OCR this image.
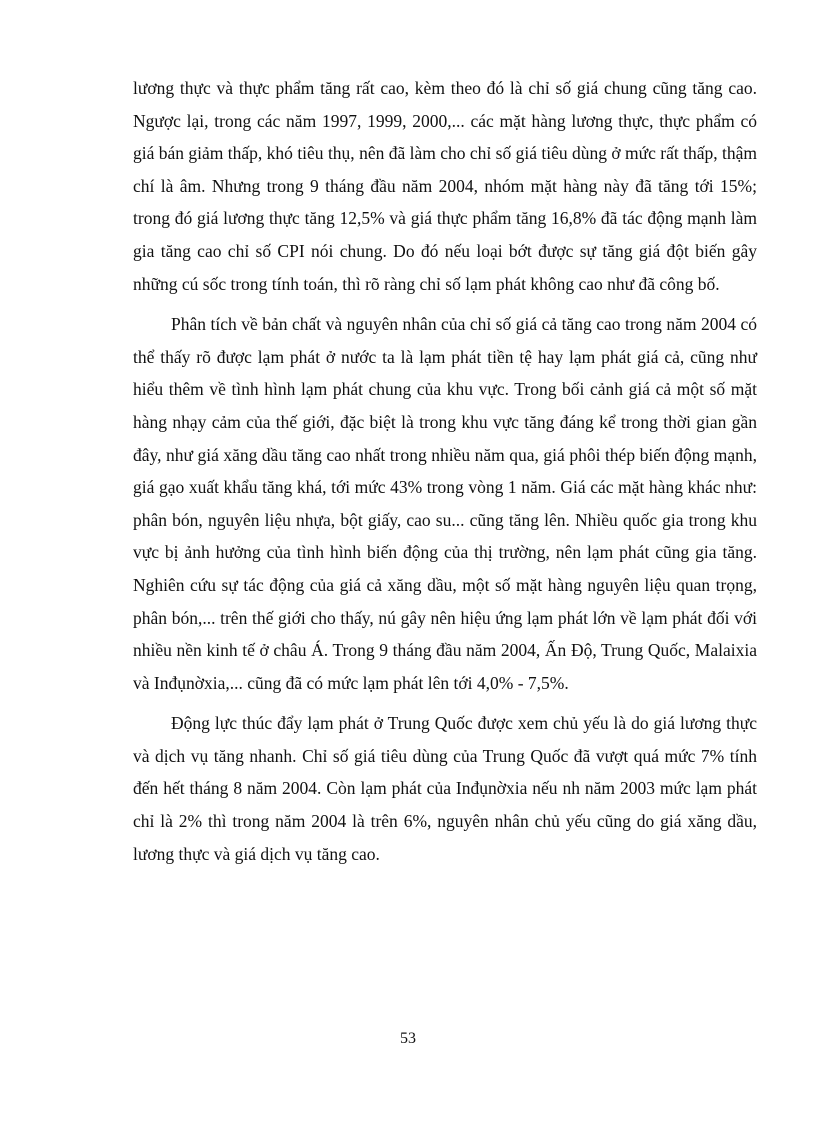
lương thực và thực phẩm tăng rất cao, kèm theo đó là chỉ số giá chung cũng tăng cao. Ngược lại, trong các năm 1997, 1999, 2000,... các mặt hàng lương thực, thực phẩm có giá bán giảm thấp, khó tiêu thụ, nên đã làm cho chỉ số giá tiêu dùng ở mức rất thấp, thậm chí là âm. Nhưng trong 9 tháng đầu năm 2004, nhóm mặt hàng này đã tăng tới 15%; trong đó giá lương thực tăng 12,5% và giá thực phẩm tăng 16,8% đã tác động mạnh làm gia tăng cao chỉ số CPI nói chung. Do đó nếu loại bớt được sự tăng giá đột biến gây những cú sốc trong tính toán, thì rõ ràng chỉ số lạm phát không cao như đã công bố.

Phân tích về bản chất và nguyên nhân của chỉ số giá cả tăng cao trong năm 2004 có thể thấy rõ được lạm phát ở nước ta là lạm phát tiền tệ hay lạm phát giá cả, cũng như hiểu thêm về tình hình lạm phát chung của khu vực. Trong bối cảnh giá cả một số mặt hàng nhạy cảm của thế giới, đặc biệt là trong khu vực tăng đáng kể trong thời gian gần đây, như giá xăng dầu tăng cao nhất trong nhiều năm qua, giá phôi thép biến động mạnh, giá gạo xuất khẩu tăng khá, tới mức 43% trong vòng 1 năm. Giá các mặt hàng khác như: phân bón, nguyên liệu nhựa, bột giấy, cao su... cũng tăng lên. Nhiều quốc gia trong khu vực bị ảnh hưởng của tình hình biến động của thị trường, nên lạm phát cũng gia tăng. Nghiên cứu sự tác động của giá cả xăng dầu, một số mặt hàng nguyên liệu quan trọng, phân bón,... trên thế giới cho thấy, nú gây nên hiệu ứng lạm phát lớn về lạm phát đối với nhiều nền kinh tế ở châu Á. Trong 9 tháng đầu năm 2004, Ấn Độ, Trung Quốc, Malaixia và Inđụnờxia,... cũng đã có mức lạm phát lên tới 4,0% - 7,5%.

Động lực thúc đẩy lạm phát ở Trung Quốc được xem chủ yếu là do giá lương thực và dịch vụ tăng nhanh. Chỉ số giá tiêu dùng của Trung Quốc đã vượt quá mức 7% tính đến hết tháng 8 năm 2004. Còn lạm phát của Inđụnờxia nếu nh năm 2003 mức lạm phát chỉ là 2% thì trong năm 2004 là trên 6%, nguyên nhân chủ yếu cũng do giá xăng dầu, lương thực và giá dịch vụ tăng cao.

53
